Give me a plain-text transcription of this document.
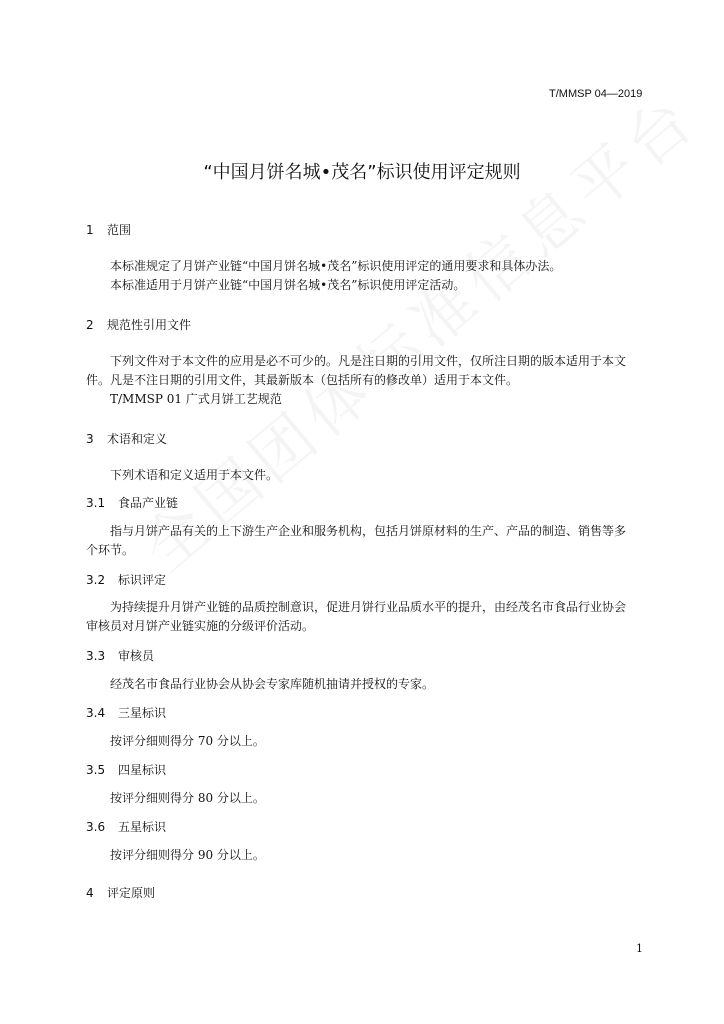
T/MMSP 04—2019
“中国月饼名城•茂名”标识使用评定规则
1 范围
本标准规定了月饼产业链“中国月饼名城•茂名”标识使用评定的通用要求和具体办法。
本标准适用于月饼产业链“中国月饼名城•茂名”标识使用评定活动。
2 规范性引用文件
下列文件对于本文件的应用是必不可少的。凡是注日期的引用文件，仅所注日期的版本适用于本文
件。凡是不注日期的引用文件，其最新版本（包括所有的修改单）适用于本文件。
T/MMSP 01 广式月饼工艺规范
3 术语和定义
下列术语和定义适用于本文件。
3.1 食品产业链
指与月饼产品有关的上下游生产企业和服务机构，包括月饼原材料的生产、产品的制造、销售等多
个环节。
3.2 标识评定
为持续提升月饼产业链的品质控制意识，促进月饼行业品质水平的提升，由经茂名市食品行业协会
审核员对月饼产业链实施的分级评价活动。
3.3 审核员
经茂名市食品行业协会从协会专家库随机抽请并授权的专家。
3.4 三星标识
按评分细则得分 70 分以上。
3.5 四星标识
按评分细则得分 80 分以上。
3.6 五星标识
按评分细则得分 90 分以上。
4 评定原则
1
